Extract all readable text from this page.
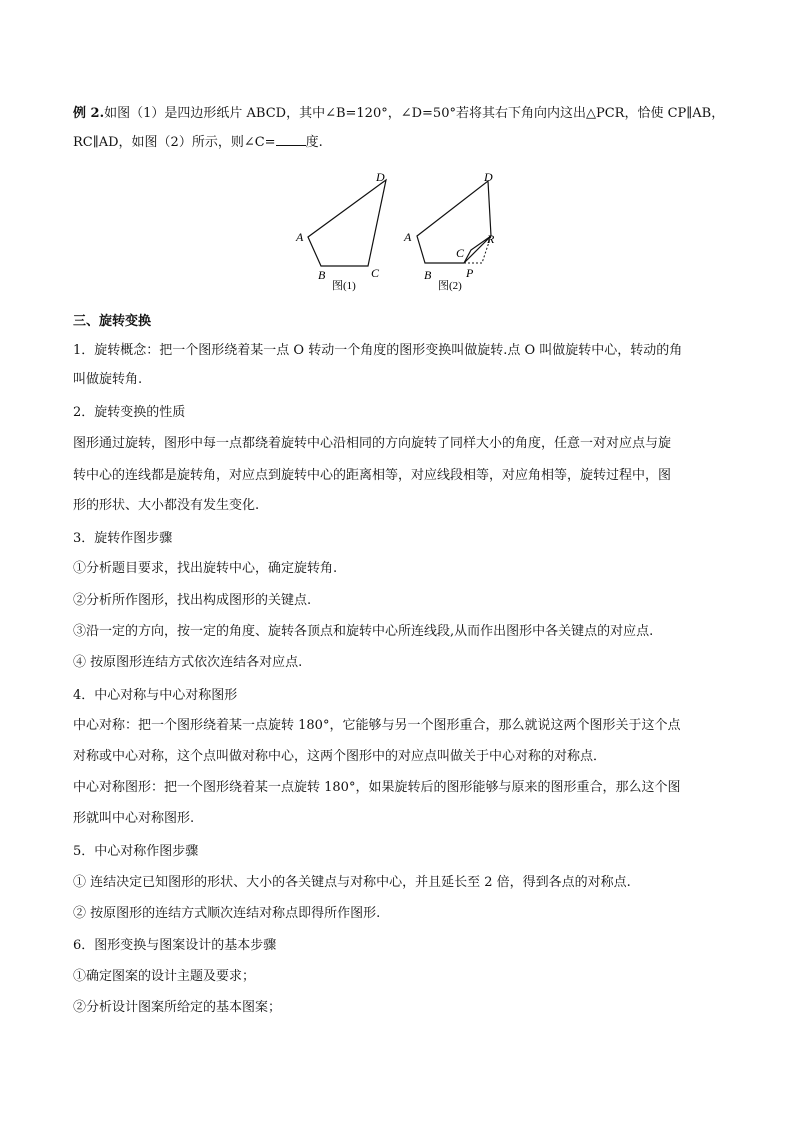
例 2.如图（1）是四边形纸片 ABCD，其中∠B=120°，∠D=50°若将其右下角向内这出△PCR，恰使 CP∥AB，
RC∥AD，如图（2）所示，则∠C= 度.
A
B	C
D
图(1)
A
B
C
D
P
R
图(2)
三、旋转变换
1．旋转概念：把一个图形绕着某一点 O 转动一个角度的图形变换叫做旋转.点 O 叫做旋转中心，转动的角
叫做旋转角.
2．旋转变换的性质
图形通过旋转，图形中每一点都绕着旋转中心沿相同的方向旋转了同样大小的角度，任意一对对应点与旋
转中心的连线都是旋转角，对应点到旋转中心的距离相等，对应线段相等，对应角相等，旋转过程中，图
形的形状、大小都没有发生变化.
3．旋转作图步骤
①分析题目要求，找出旋转中心，确定旋转角.
②分析所作图形，找出构成图形的关键点.
③沿一定的方向，按一定的角度、旋转各顶点和旋转中心所连线段,从而作出图形中各关键点的对应点.
④ 按原图形连结方式依次连结各对应点.
4．中心对称与中心对称图形
中心对称：把一个图形绕着某一点旋转 180°，它能够与另一个图形重合，那么就说这两个图形关于这个点
对称或中心对称，这个点叫做对称中心，这两个图形中的对应点叫做关于中心对称的对称点．
中心对称图形：把一个图形绕着某一点旋转 180°，如果旋转后的图形能够与原来的图形重合，那么这个图
形就叫中心对称图形.
5．中心对称作图步骤
① 连结决定已知图形的形状、大小的各关键点与对称中心，并且延长至 2 倍，得到各点的对称点.
② 按原图形的连结方式顺次连结对称点即得所作图形.
6．图形变换与图案设计的基本步骤
①确定图案的设计主题及要求；
②分析设计图案所给定的基本图案；
